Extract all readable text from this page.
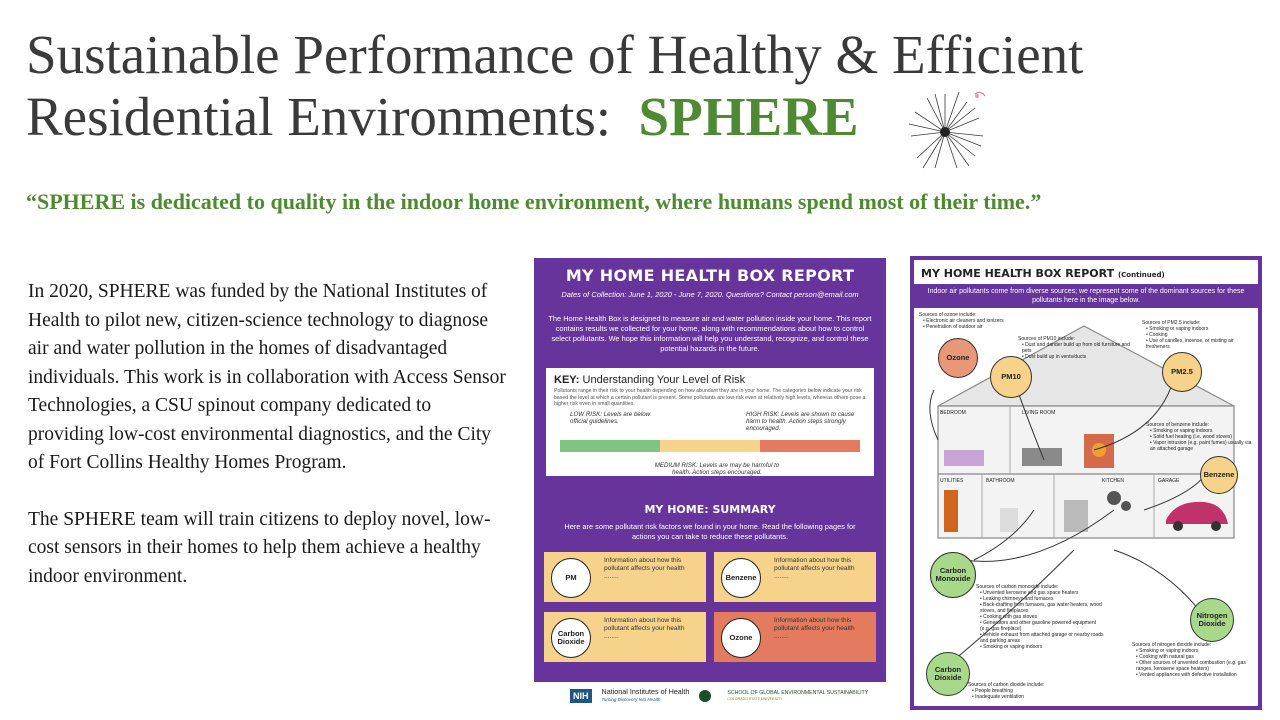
Sustainable Performance of Healthy & Efficient
Residential Environments: SPHERE
“SPHERE is dedicated to quality in the indoor home environment, where humans spend most of their time.”

In 2020, SPHERE was funded by the National Institutes of Health to pilot new, citizen-science technology to diagnose air and water pollution in the homes of disadvantaged individuals. This work is in collaboration with Access Sensor Technologies, a CSU spinout company dedicated to providing low-cost environmental diagnostics, and the City of Fort Collins Healthy Homes Program.

The SPHERE team will train citizens to deploy novel, low-cost sensors in their homes to help them achieve a healthy indoor environment.

MY HOME HEALTH BOX REPORT
Dates of Collection: June 1, 2020 - June 7, 2020. Questions? Contact person@email.com
The Home Health Box is designed to measure air and water pollution inside your home. This report contains results we collected for your home, along with recommendations about how to control select pollutants. We hope this information will help you understand, recognize, and control these potential hazards in the future.
KEY: Understanding Your Level of Risk
Pollutants range in their risk to your health depending on how abundant they are in your home. The categories below indicate your risk based the level at which a certain pollutant is present. Some pollutants are low-risk even at relatively high levels, whereas others pose a higher risk even in small quantities.
LOW RISK: Levels are below official guidelines.
HIGH RISK: Levels are shown to cause harm to health. Action steps strongly encouraged.
MEDIUM RISK: Levels are may be harmful to health. Action steps encouraged.
MY HOME: SUMMARY
Here are some pollutant risk factors we found in your home. Read the following pages for actions you can take to reduce these pollutants.
PM
Information about how this pollutant affects your health ........	Benzene
Information about how this pollutant affects your health ........
Carbon Dioxide
Information about how this pollutant affects your health ........	Ozone
Information about how this pollutant affects your health ........
NIH	National Institutes of Health
Turning Discovery Into Health
SCHOOL OF GLOBAL ENVIRONMENTAL SUSTAINABILITY
COLORADO STATE UNIVERSITY
MY HOME HEALTH BOX REPORT (Continued)
Indoor air pollutants come from diverse sources; we represent some of the dominant sources for these pollutants here in the image below.
Sources of ozone include:
• Electronic air cleaners and ionizers
• Penetration of outdoor air
Sources of PM10 include:
• Dust and dander build up from old furniture and pets
• Dust build up in vents/ducts
Sources of PM2.5 include:
• Smoking or vaping indoors
• Cooking
• Use of candles, incense, or misting air fresheners
Sources of benzene include:
• Smoking or vaping indoors
• Solid fuel heating (i.e. wood stoves)
• Vapor intrusion (e.g. paint fumes) usually via an attached garage
Sources of carbon monoxide include:
• Unvented kerosene and gas space heaters
• Leaking chimneys and furnaces
• Back-drafting from furnaces, gas water heaters, wood stoves, and fireplaces
• Cooking with gas stoves
• Generators and other gasoline powered equipment (e.g. gas fireplace)
• Vehicle exhaust from attached garage or nearby roads and parking areas
• Smoking or vaping indoors	Sources of nitrogen dioxide include:
• Smoking or vaping indoors
• Cooking with natural gas
• Other sources of unvented combustion (e.g. gas ranges, kerosene space heaters)
• Vented appliances with defective installation
Sources of carbon dioxide include:
• People breathing
• Inadequate ventilation
BEDROOM	LIVING ROOM
UTILITIES	BATHROOM	KITCHEN	GARAGE
Ozone
PM10
PM2.5
Benzene
Carbon Monoxide
Nitrogen Dioxide
Carbon Dioxide
